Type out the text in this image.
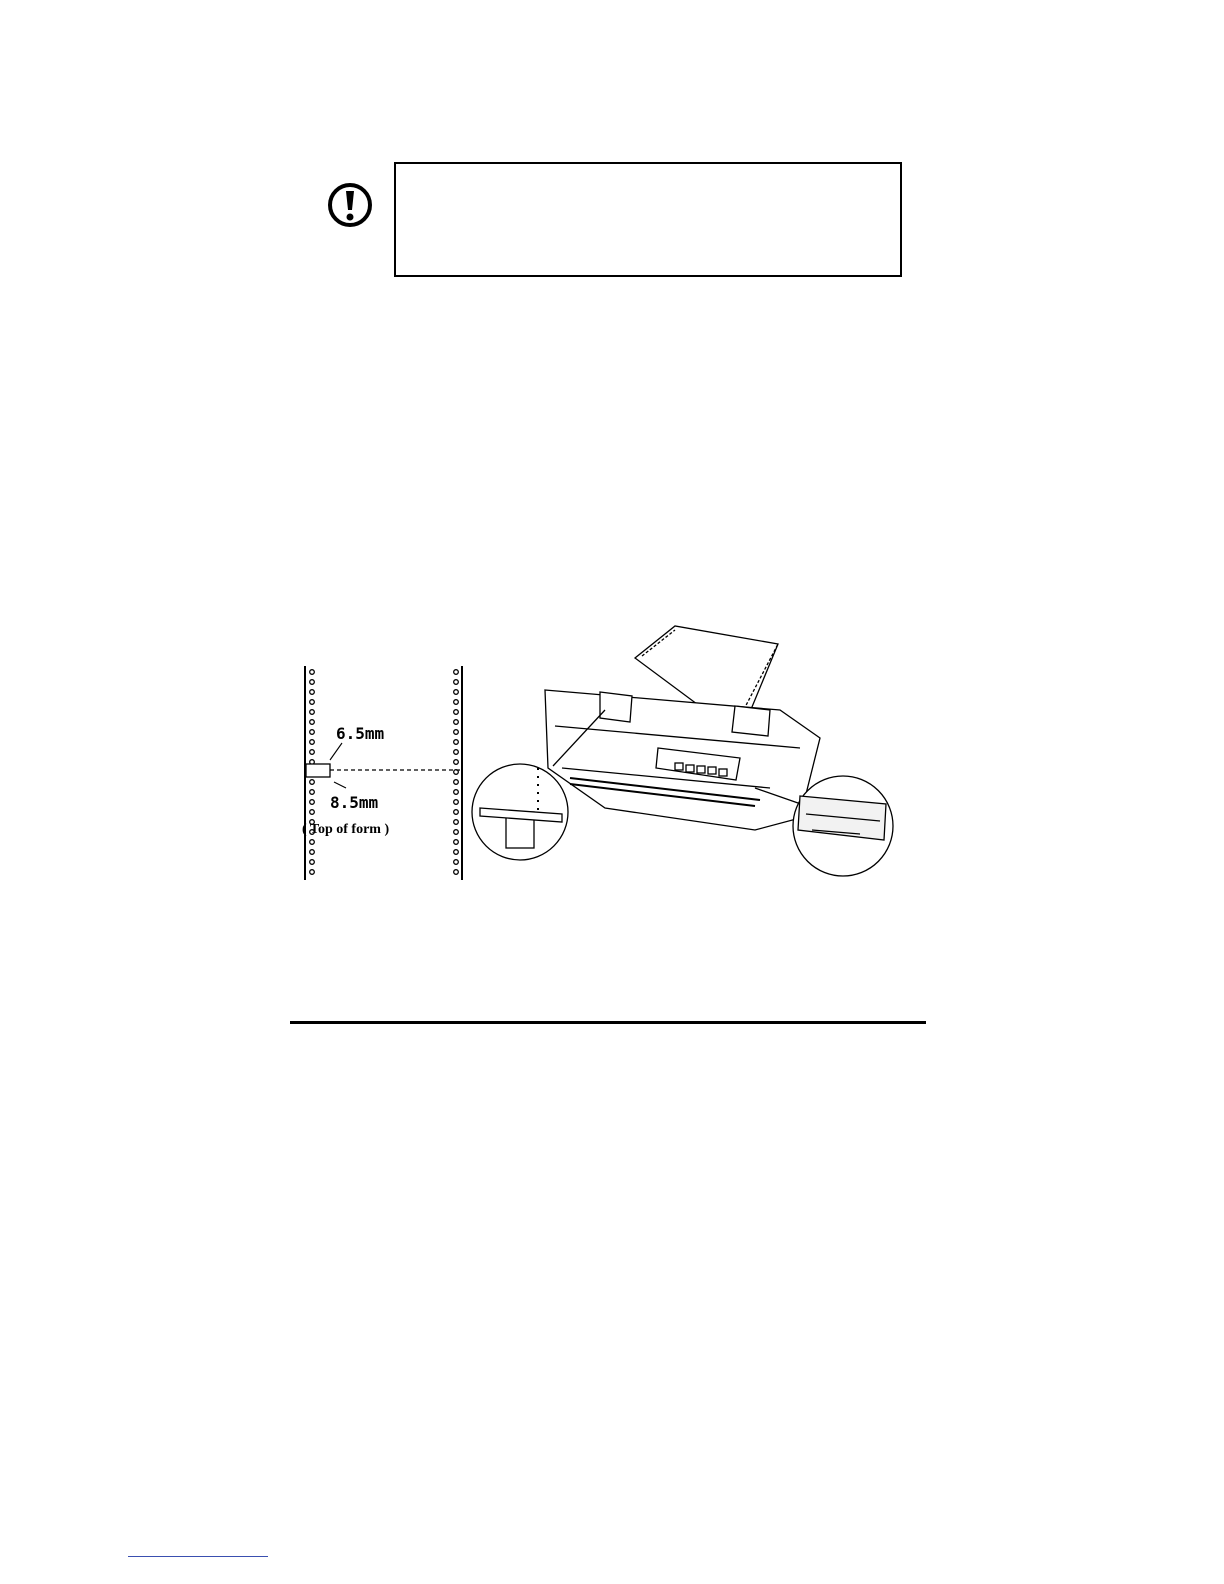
6.5mm
8.5mm
( Top of form )
